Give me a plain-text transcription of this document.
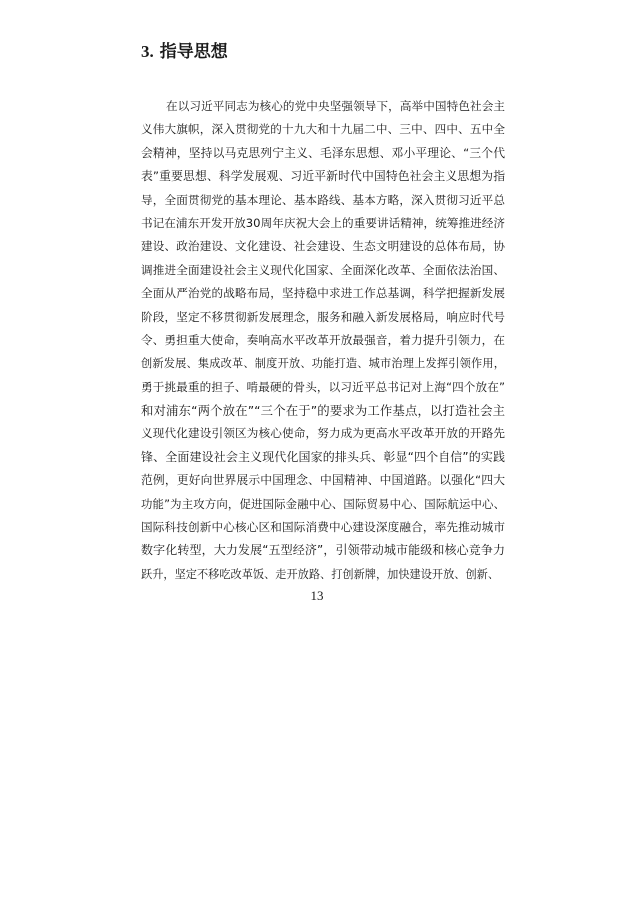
3. 指导思想
在以习近平同志为核心的党中央坚强领导下，高举中国特色社会主
义伟大旗帜，深入贯彻党的十九大和十九届二中、三中、四中、五中全
会精神，坚持以马克思列宁主义、毛泽东思想、邓小平理论、“三个代
表”重要思想、科学发展观、习近平新时代中国特色社会主义思想为指
导，全面贯彻党的基本理论、基本路线、基本方略，深入贯彻习近平总
书记在浦东开发开放30周年庆祝大会上的重要讲话精神，统筹推进经济
建设、政治建设、文化建设、社会建设、生态文明建设的总体布局，协
调推进全面建设社会主义现代化国家、全面深化改革、全面依法治国、
全面从严治党的战略布局，坚持稳中求进工作总基调，科学把握新发展
阶段，坚定不移贯彻新发展理念，服务和融入新发展格局，响应时代号
令、勇担重大使命，奏响高水平改革开放最强音，着力提升引领力，在
创新发展、集成改革、制度开放、功能打造、城市治理上发挥引领作用，
勇于挑最重的担子、啃最硬的骨头，以习近平总书记对上海“四个放在”
和对浦东“两个放在”“三个在于”的要求为工作基点，以打造社会主
义现代化建设引领区为核心使命，努力成为更高水平改革开放的开路先
锋、全面建设社会主义现代化国家的排头兵、彰显“四个自信”的实践
范例，更好向世界展示中国理念、中国精神、中国道路。以强化“四大
功能”为主攻方向，促进国际金融中心、国际贸易中心、国际航运中心、
国际科技创新中心核心区和国际消费中心建设深度融合，率先推动城市
数字化转型，大力发展“五型经济”，引领带动城市能级和核心竞争力
跃升，坚定不移吃改革饭、走开放路、打创新牌，加快建设开放、创新、
13
